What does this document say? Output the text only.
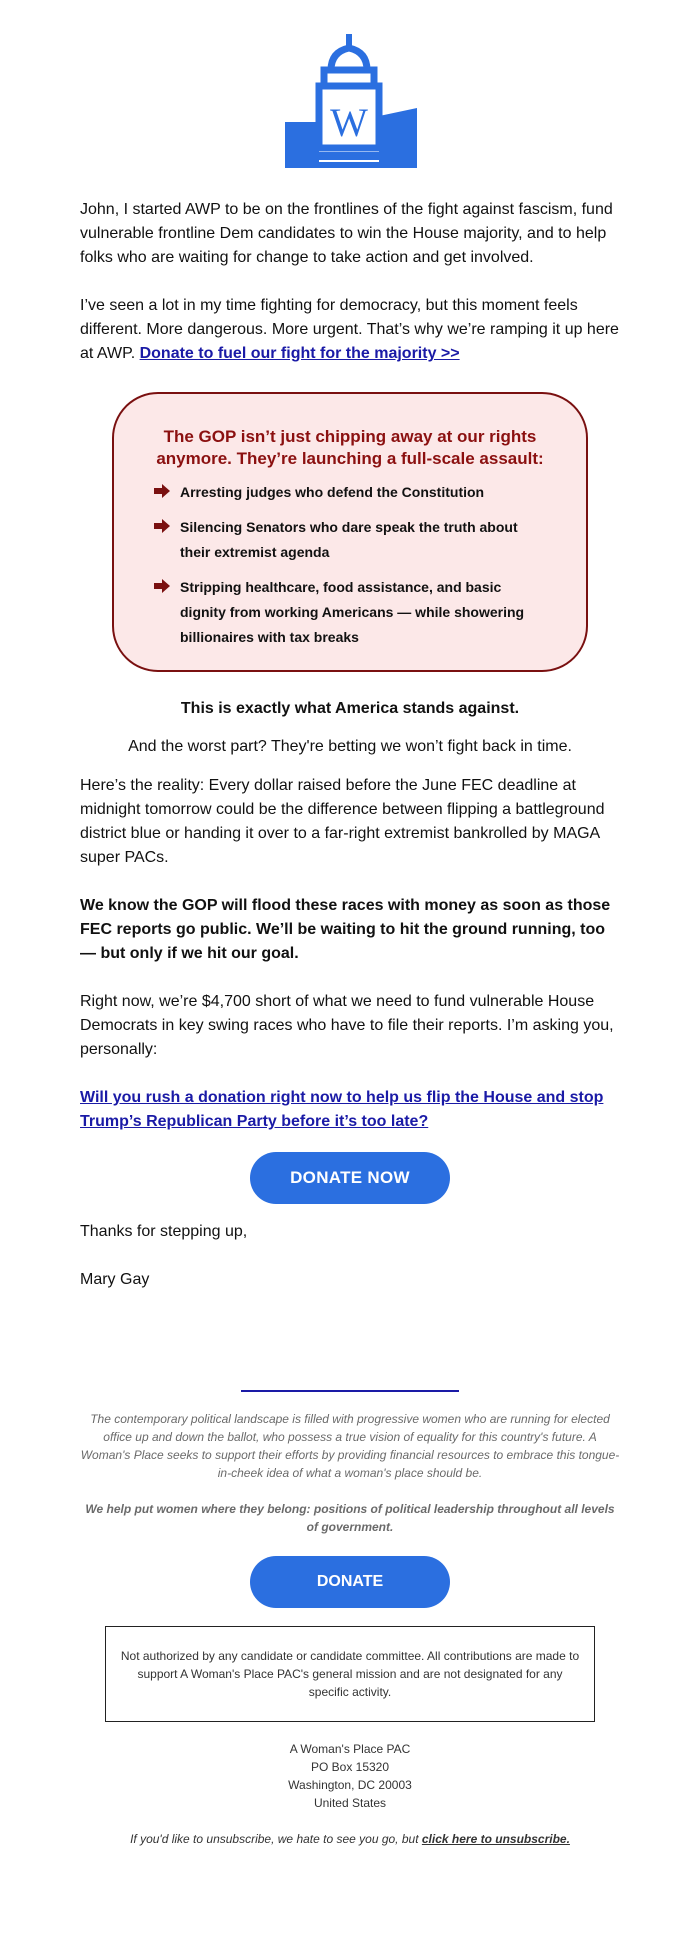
W

John, I started AWP to be on the frontlines of the fight against fascism, fund vulnerable frontline Dem candidates to win the House majority, and to help folks who are waiting for change to take action and get involved.

I’ve seen a lot in my time fighting for democracy, but this moment feels different. More dangerous. More urgent. That’s why we’re ramping it up here at AWP. Donate to fuel our fight for the majority >>

The GOP isn’t just chipping away at our rights anymore. They’re launching a full-scale assault:
Arresting judges who defend the Constitution
Silencing Senators who dare speak the truth about their extremist agenda
Stripping healthcare, food assistance, and basic dignity from working Americans — while showering billionaires with tax breaks

This is exactly what America stands against.

And the worst part? They're betting we won’t fight back in time.

Here’s the reality: Every dollar raised before the June FEC deadline at midnight tomorrow could be the difference between flipping a battleground district blue or handing it over to a far-right extremist bankrolled by MAGA super PACs.

We know the GOP will flood these races with money as soon as those FEC reports go public. We’ll be waiting to hit the ground running, too — but only if we hit our goal.

Right now, we’re $4,700 short of what we need to fund vulnerable House Democrats in key swing races who have to file their reports. I’m asking you, personally:

Will you rush a donation right now to help us flip the House and stop Trump’s Republican Party before it’s too late?

DONATE NOW

Thanks for stepping up,

Mary Gay

The contemporary political landscape is filled with progressive women who are running for elected office up and down the ballot, who possess a true vision of equality for this country's future. A Woman's Place seeks to support their efforts by providing financial resources to embrace this tongue-in-cheek idea of what a woman's place should be.

We help put women where they belong: positions of political leadership throughout all levels of government.

DONATE
Not authorized by any candidate or candidate committee. All contributions are made to support A Woman's Place PAC's general mission and are not designated for any specific activity.
A Woman's Place PAC
PO Box 15320
Washington, DC 20003
United States

If you'd like to unsubscribe, we hate to see you go, but click here to unsubscribe.
